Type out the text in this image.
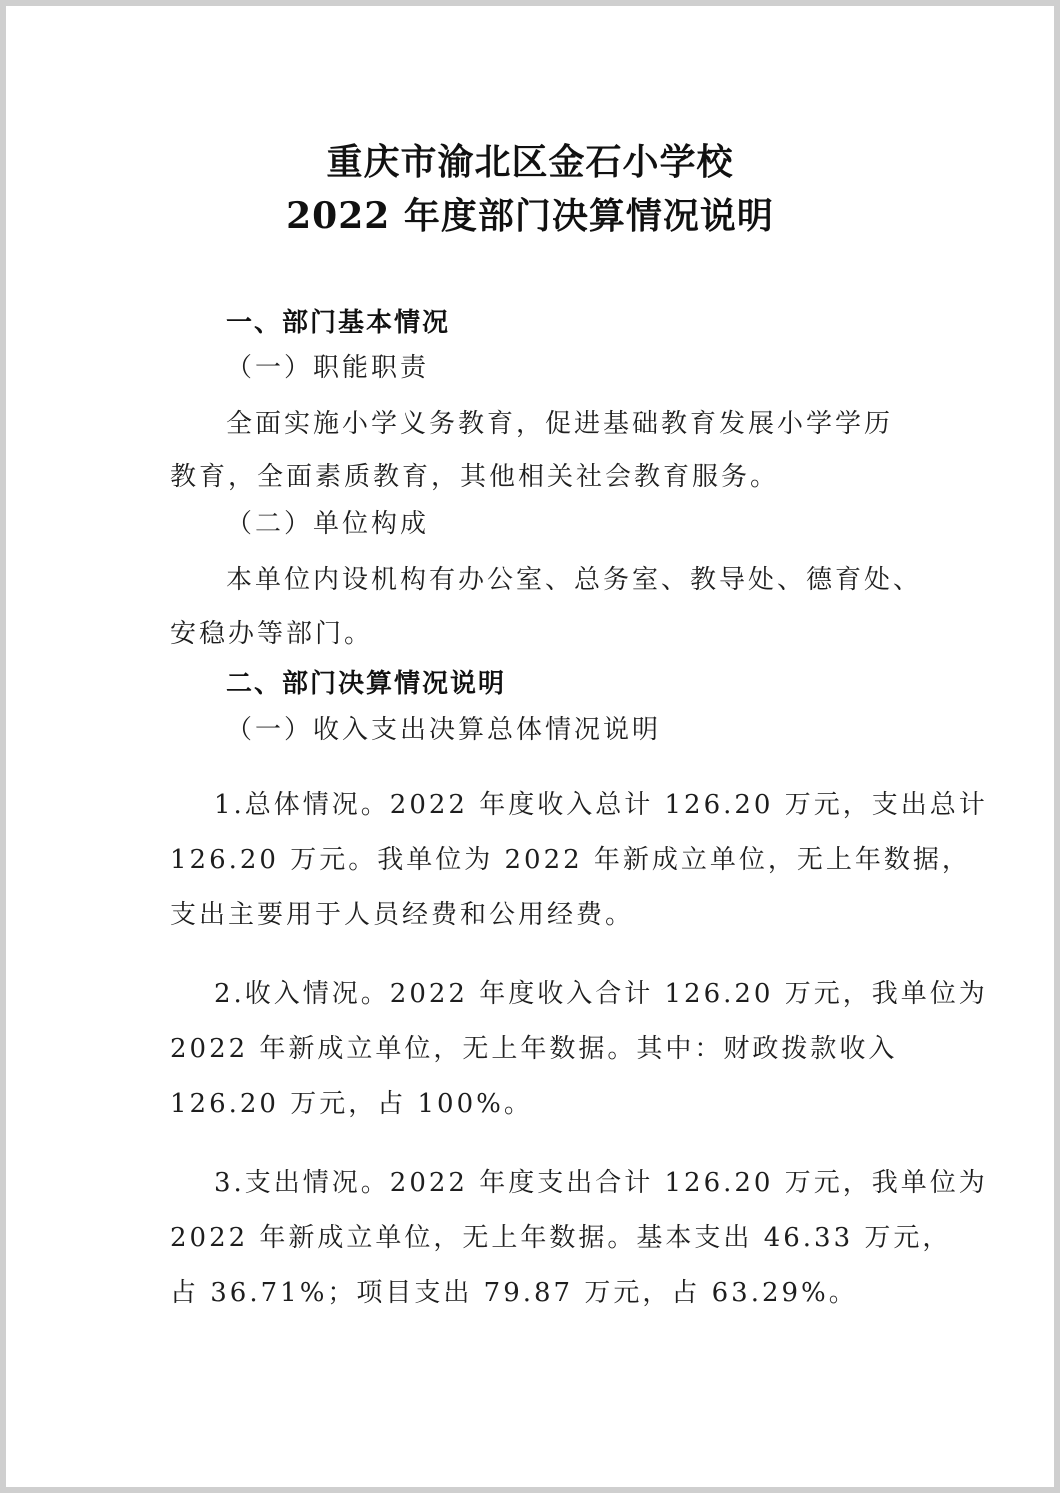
重庆市渝北区金石小学校
2022 年度部门决算情况说明
一、部门基本情况
（一）职能职责
全面实施小学义务教育，促进基础教育发展小学学历
教育，全面素质教育，其他相关社会教育服务。
（二）单位构成
本单位内设机构有办公室、总务室、教导处、德育处、
安稳办等部门。
二、部门决算情况说明
（一）收入支出决算总体情况说明
1.总体情况。2022 年度收入总计 126.20 万元，支出总计
126.20 万元。我单位为 2022 年新成立单位，无上年数据，
支出主要用于人员经费和公用经费。
2.收入情况。2022 年度收入合计 126.20 万元，我单位为
2022 年新成立单位，无上年数据。其中：财政拨款收入
126.20 万元，占 100%。
3.支出情况。2022 年度支出合计 126.20 万元，我单位为
2022 年新成立单位，无上年数据。基本支出 46.33 万元，
占 36.71%；项目支出 79.87 万元，占 63.29%。
